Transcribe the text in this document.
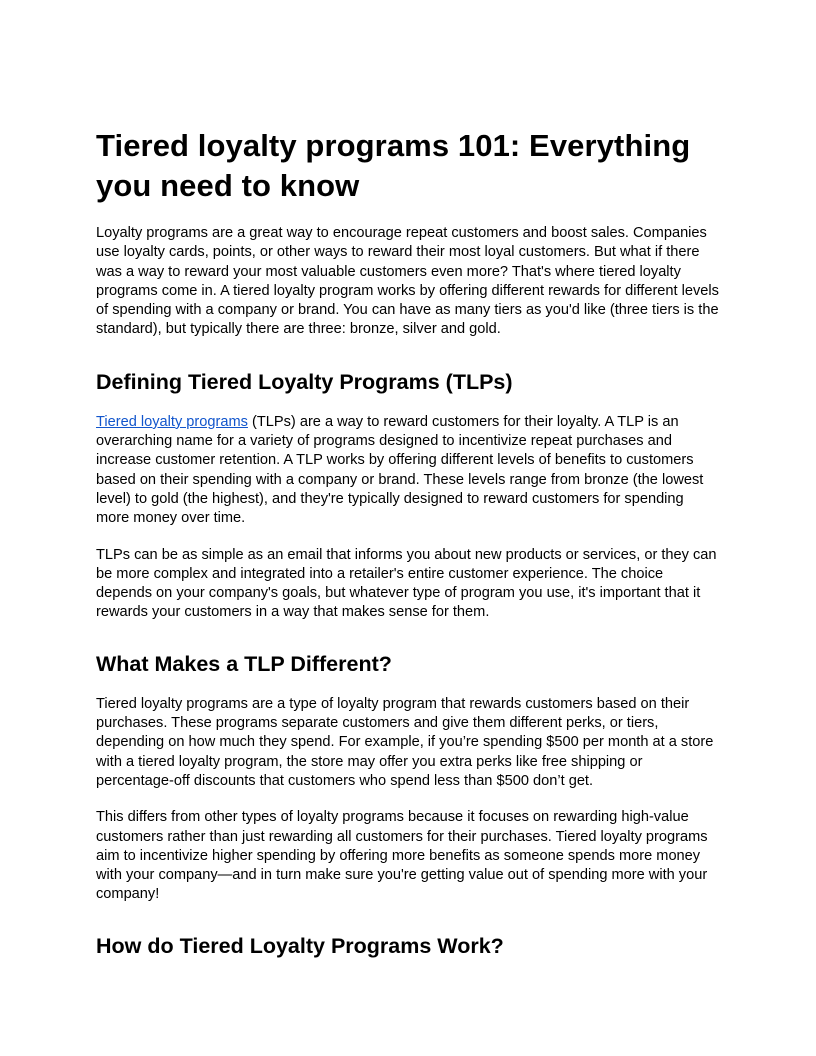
Tiered loyalty programs 101: Everything you need to know

Loyalty programs are a great way to encourage repeat customers and boost sales. Companies use loyalty cards, points, or other ways to reward their most loyal customers. But what if there was a way to reward your most valuable customers even more? That's where tiered loyalty programs come in. A tiered loyalty program works by offering different rewards for different levels of spending with a company or brand. You can have as many tiers as you'd like (three tiers is the standard), but typically there are three: bronze, silver and gold.

Defining Tiered Loyalty Programs (TLPs)

Tiered loyalty programs (TLPs) are a way to reward customers for their loyalty. A TLP is an overarching name for a variety of programs designed to incentivize repeat purchases and increase customer retention. A TLP works by offering different levels of benefits to customers based on their spending with a company or brand. These levels range from bronze (the lowest level) to gold (the highest), and they're typically designed to reward customers for spending more money over time.

TLPs can be as simple as an email that informs you about new products or services, or they can be more complex and integrated into a retailer's entire customer experience. The choice depends on your company's goals, but whatever type of program you use, it's important that it rewards your customers in a way that makes sense for them.

What Makes a TLP Different?

Tiered loyalty programs are a type of loyalty program that rewards customers based on their purchases. These programs separate customers and give them different perks, or tiers, depending on how much they spend. For example, if you’re spending $500 per month at a store with a tiered loyalty program, the store may offer you extra perks like free shipping or percentage-off discounts that customers who spend less than $500 don’t get.

This differs from other types of loyalty programs because it focuses on rewarding high-value customers rather than just rewarding all customers for their purchases. Tiered loyalty programs aim to incentivize higher spending by offering more benefits as someone spends more money with your company—and in turn make sure you're getting value out of spending more with your company!

How do Tiered Loyalty Programs Work?
